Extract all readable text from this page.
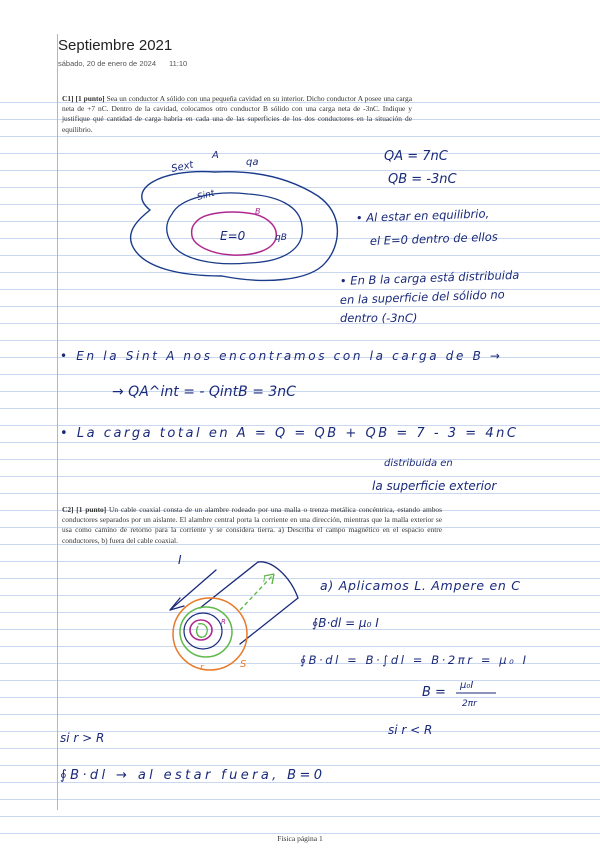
Septiembre 2021
sábado, 20 de enero de 2024 11:10
C1] [1 punto] Sea un conductor A sólido con una pequeña cavidad en su interior. Dicho conductor A posee una carga neta de +7 nC. Dentro de la cavidad, colocamos otro conductor B sólido con una carga neta de -3nC. Indique y justifique qué cantidad de carga habría en cada una de las superficies de los dos conductores en la situación de equilibrio.
C2] [1 punto] Un cable coaxial consta de un alambre rodeado por una malla o trenza metálica concéntrica, estando ambos conductores separados por un aislante. El alambre central porta la corriente en una dirección, mientras que la malla exterior se usa como camino de retorno para la corriente y se considera tierra. a) Describa el campo magnético en el espacio entre conductores, b) fuera del cable coaxial.
Sext
A
qa
Sint
B
E=0	qB
QA = 7nC
QB = -3nC
• Al estar en equilibrio,
el E=0 dentro de ellos
• En B la carga está distribuida
en la superficie del sólido no
dentro (-3nC)
• En la Sint A nos encontramos con la carga de B →
→ QA^int = - QintB = 3nC
• La carga total en A = Q = QB + QB = 7 - 3 = 4nC
distribuida en
la superficie exterior
I
I
R
r	S
a) Aplicamos L. Ampere en C
∮B·dl = μ₀ I
∮B·dl = B·∫dl = B·2πr = μ₀ I
B = μ₀I
2πr
si r < R
si r > R
∮B·dl → al estar fuera, B=0
Física página 1
